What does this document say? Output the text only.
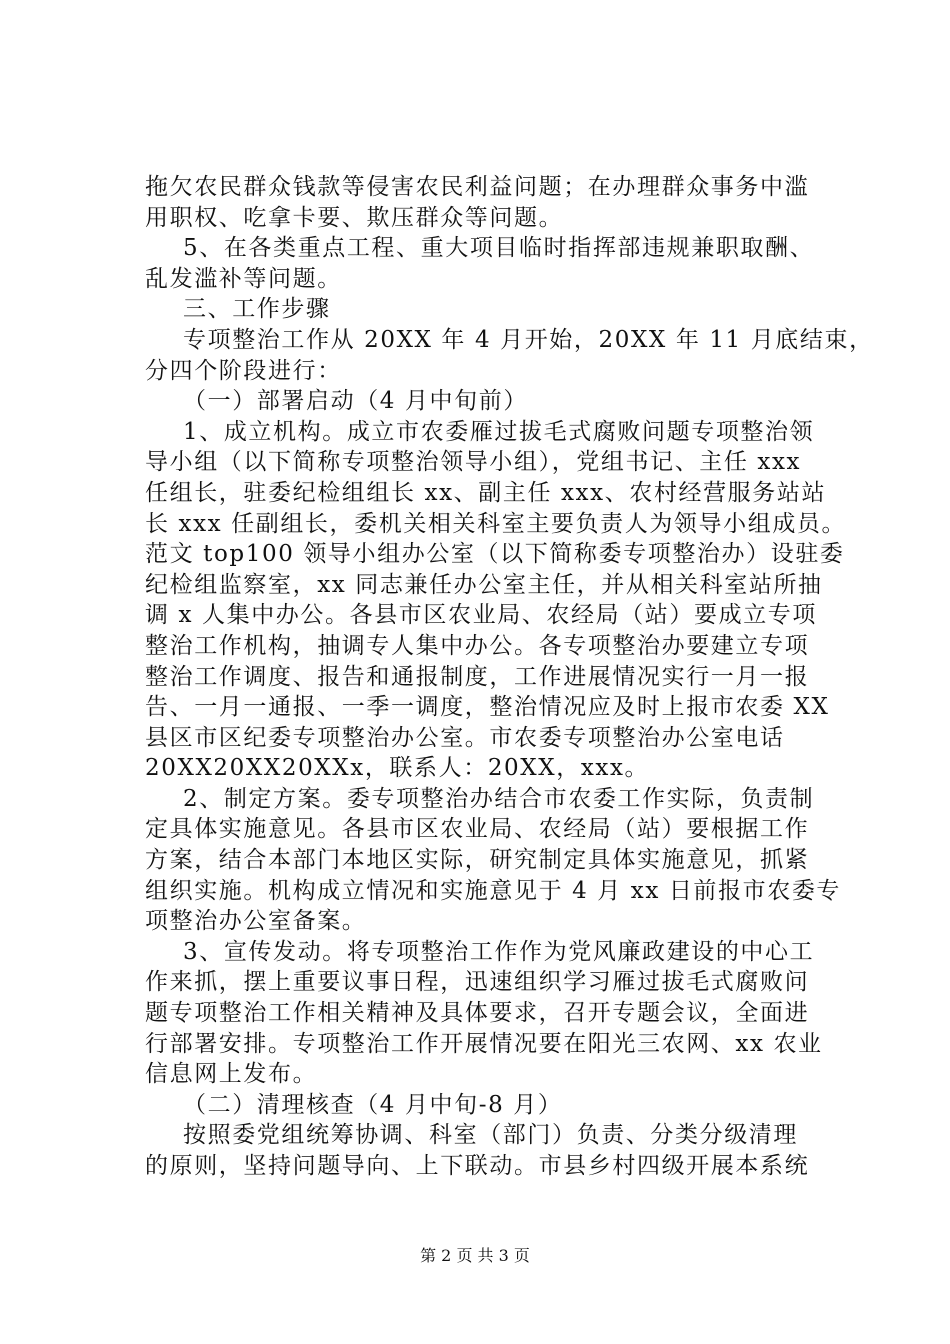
拖欠农民群众钱款等侵害农民利益问题；在办理群众事务中滥
用职权、吃拿卡要、欺压群众等问题。
5、在各类重点工程、重大项目临时指挥部违规兼职取酬、
乱发滥补等问题。
三、工作步骤
专项整治工作从 20XX 年 4 月开始，20XX 年 11 月底结束，
分四个阶段进行：
（一）部署启动（4 月中旬前）
1、成立机构。成立市农委雁过拔毛式腐败问题专项整治领
导小组（以下简称专项整治领导小组），党组书记、主任 xxx
任组长，驻委纪检组组长 xx、副主任 xxx、农村经营服务站站
长 xxx 任副组长，委机关相关科室主要负责人为领导小组成员。
范文 top100 领导小组办公室（以下简称委专项整治办）设驻委
纪检组监察室，xx 同志兼任办公室主任，并从相关科室站所抽
调 x 人集中办公。各县市区农业局、农经局（站）要成立专项
整治工作机构，抽调专人集中办公。各专项整治办要建立专项
整治工作调度、报告和通报制度，工作进展情况实行一月一报
告、一月一通报、一季一调度，整治情况应及时上报市农委 XX
县区市区纪委专项整治办公室。市农委专项整治办公室电话
20XX20XX20XXx，联系人：20XX，xxx。
2、制定方案。委专项整治办结合市农委工作实际，负责制
定具体实施意见。各县市区农业局、农经局（站）要根据工作
方案，结合本部门本地区实际，研究制定具体实施意见，抓紧
组织实施。机构成立情况和实施意见于 4 月 xx 日前报市农委专
项整治办公室备案。
3、宣传发动。将专项整治工作作为党风廉政建设的中心工
作来抓，摆上重要议事日程，迅速组织学习雁过拔毛式腐败问
题专项整治工作相关精神及具体要求，召开专题会议，全面进
行部署安排。专项整治工作开展情况要在阳光三农网、xx 农业
信息网上发布。
（二）清理核查（4 月中旬-8 月）
按照委党组统筹协调、科室（部门）负责、分类分级清理
的原则，坚持问题导向、上下联动。市县乡村四级开展本系统
第 2 页 共 3 页
